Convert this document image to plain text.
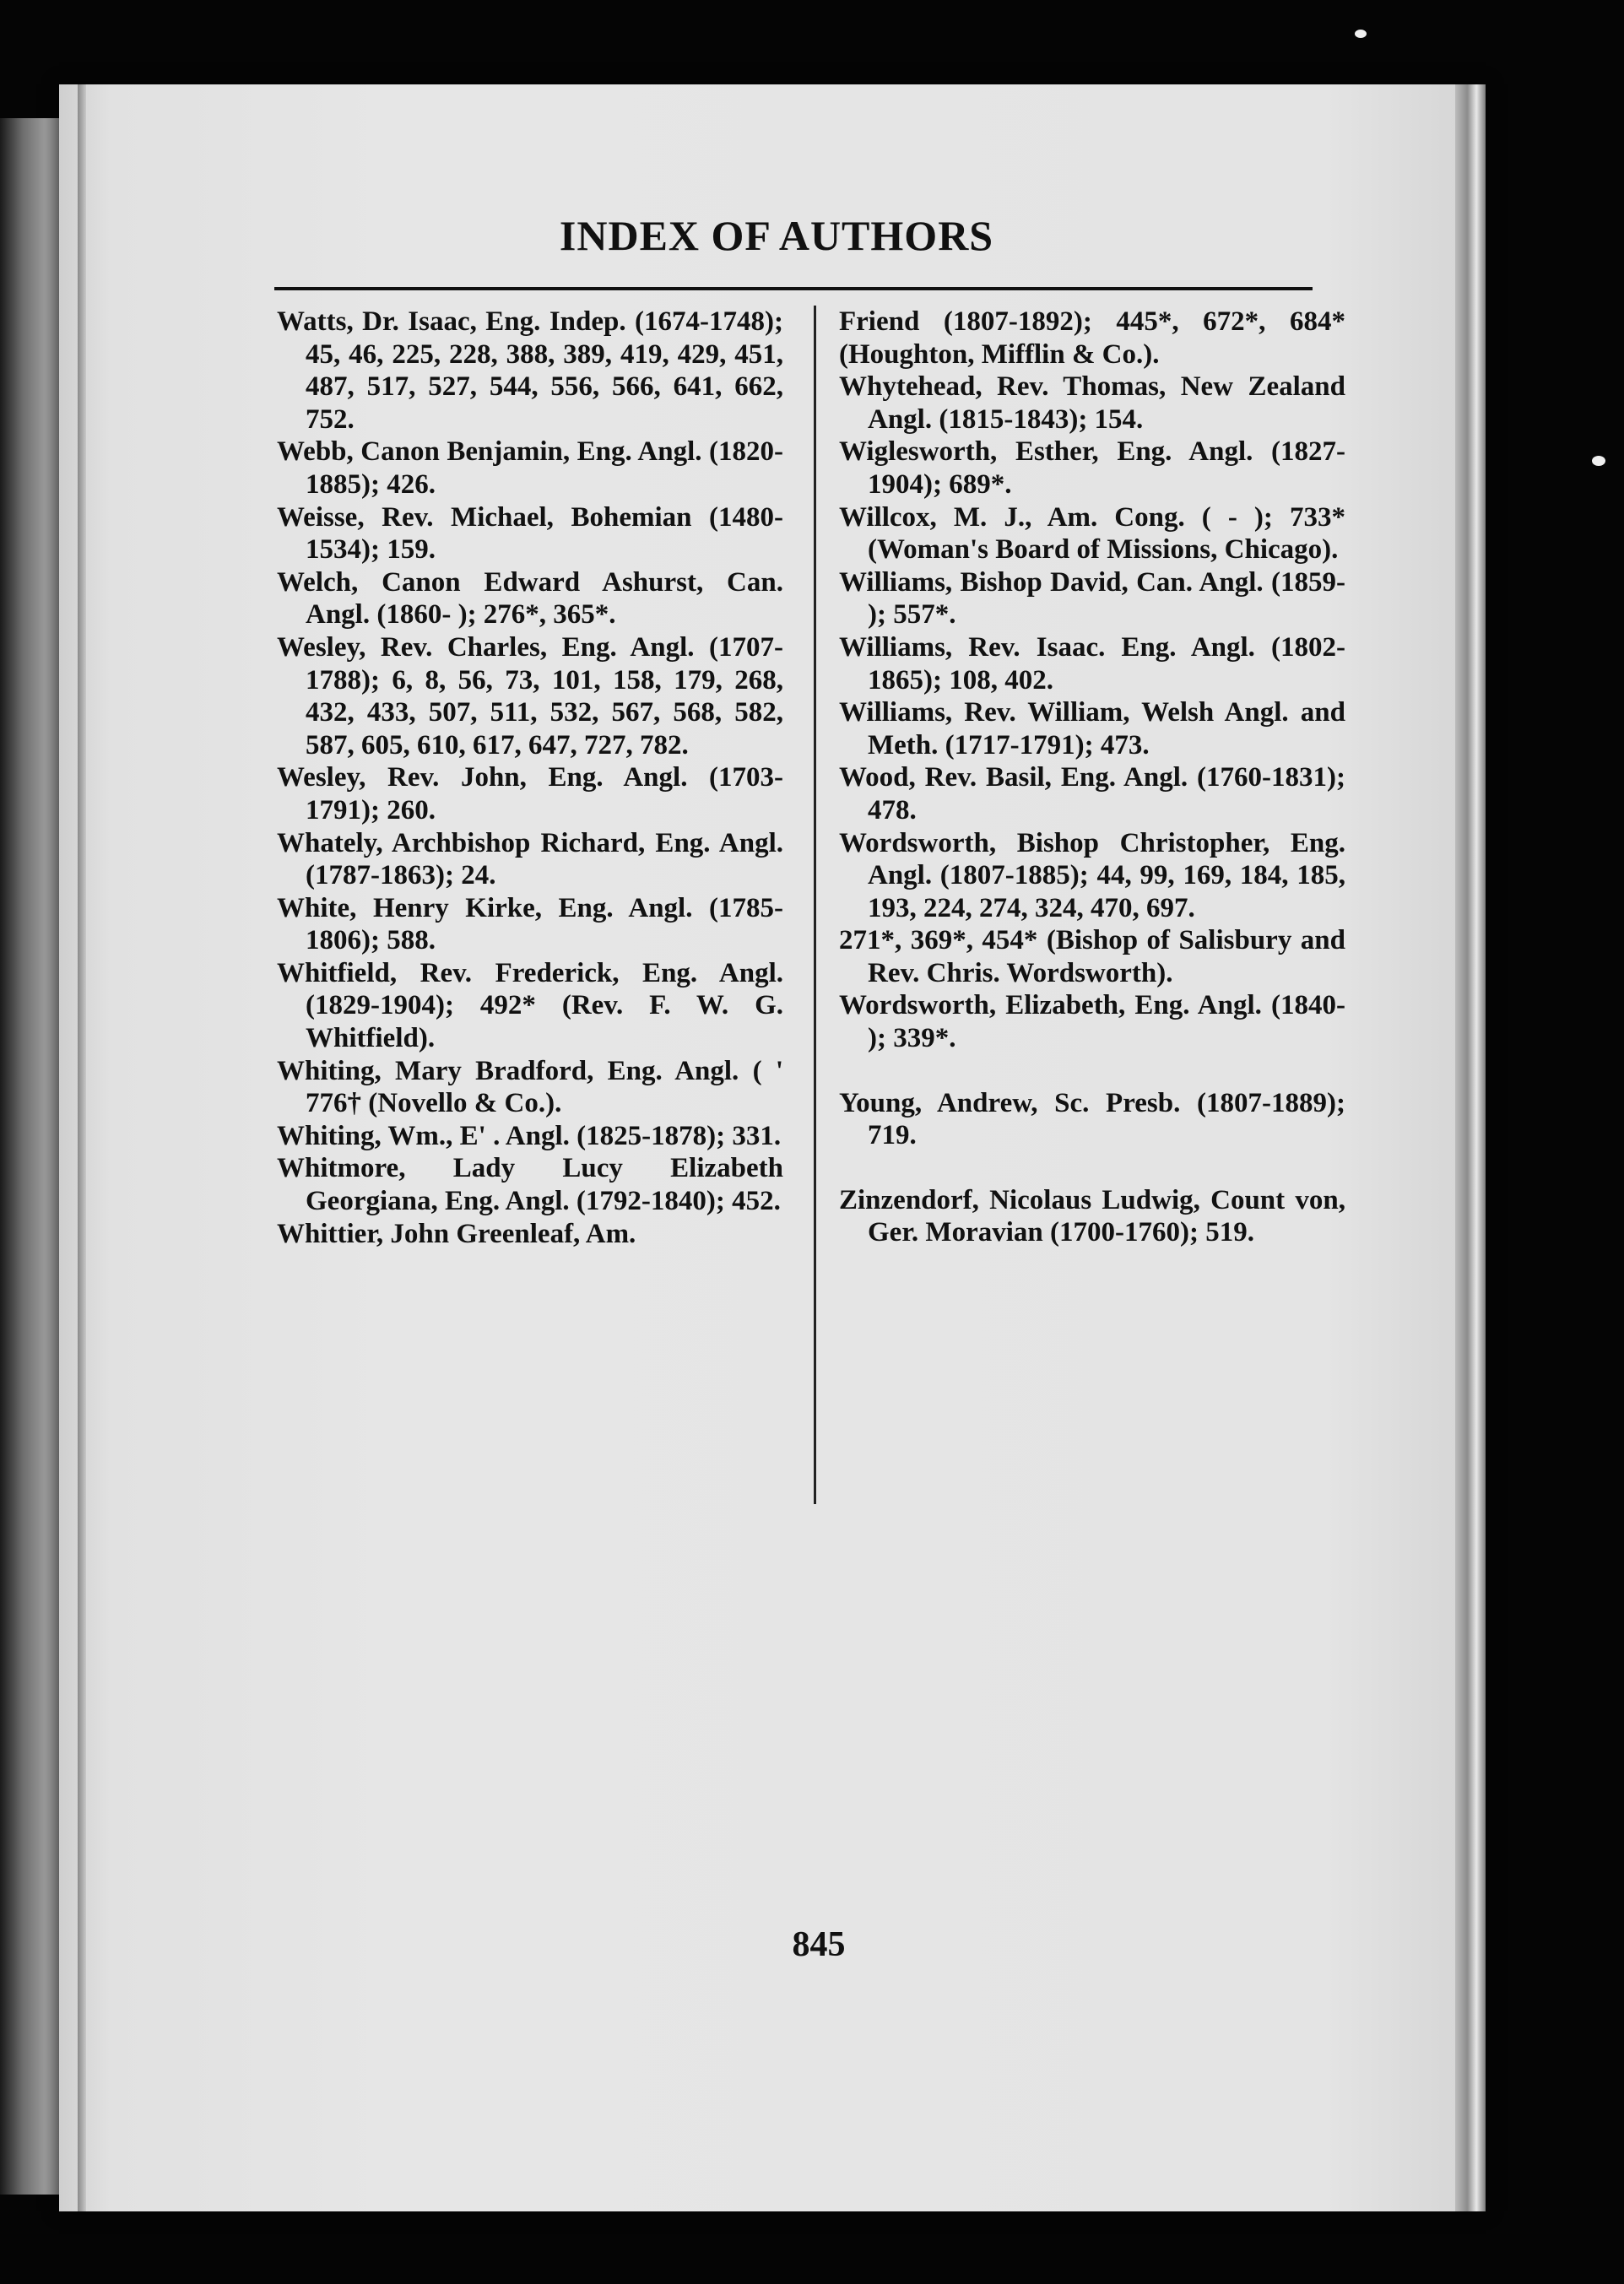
INDEX OF AUTHORS

Watts, Dr. Isaac, Eng. Indep. (1674-1748); 45, 46, 225, 228, 388, 389, 419, 429, 451, 487, 517, 527, 544, 556, 566, 641, 662, 752.

Webb, Canon Benjamin, Eng. Angl. (1820-1885); 426.

Weisse, Rev. Michael, Bohemian (1480-1534); 159.

Welch, Canon Edward Ashurst, Can. Angl. (1860- ); 276*, 365*.

Wesley, Rev. Charles, Eng. Angl. (1707-1788); 6, 8, 56, 73, 101, 158, 179, 268, 432, 433, 507, 511, 532, 567, 568, 582, 587, 605, 610, 617, 647, 727, 782.

Wesley, Rev. John, Eng. Angl. (1703-1791); 260.

Whately, Archbishop Richard, Eng. Angl. (1787-1863); 24.

White, Henry Kirke, Eng. Angl. (1785-1806); 588.

Whitfield, Rev. Frederick, Eng. Angl. (1829-1904); 492* (Rev. F. W. G. Whitfield).

Whiting, Mary Bradford, Eng. Angl. ( ' 776† (Novello & Co.).

Whiting, Wm., E' . Angl. (1825-1878); 331.

Whitmore, Lady Lucy Elizabeth Georgiana, Eng. Angl. (1792-1840); 452.

Whittier, John Greenleaf, Am.

Friend (1807-1892); 445*, 672*, 684* (Houghton, Mifflin & Co.).

Whytehead, Rev. Thomas, New Zealand Angl. (1815-1843); 154.

Wiglesworth, Esther, Eng. Angl. (1827-1904); 689*.

Willcox, M. J., Am. Cong. ( - ); 733* (Woman's Board of Missions, Chicago).

Williams, Bishop David, Can. Angl. (1859- ); 557*.

Williams, Rev. Isaac. Eng. Angl. (1802-1865); 108, 402.

Williams, Rev. William, Welsh Angl. and Meth. (1717-1791); 473.

Wood, Rev. Basil, Eng. Angl. (1760-1831); 478.

Wordsworth, Bishop Christopher, Eng. Angl. (1807-1885); 44, 99, 169, 184, 185, 193, 224, 274, 324, 470, 697.

271*, 369*, 454* (Bishop of Salisbury and Rev. Chris. Wordsworth).

Wordsworth, Elizabeth, Eng. Angl. (1840- ); 339*.

Young, Andrew, Sc. Presb. (1807-1889); 719.

Zinzendorf, Nicolaus Ludwig, Count von, Ger. Moravian (1700-1760); 519.

845
